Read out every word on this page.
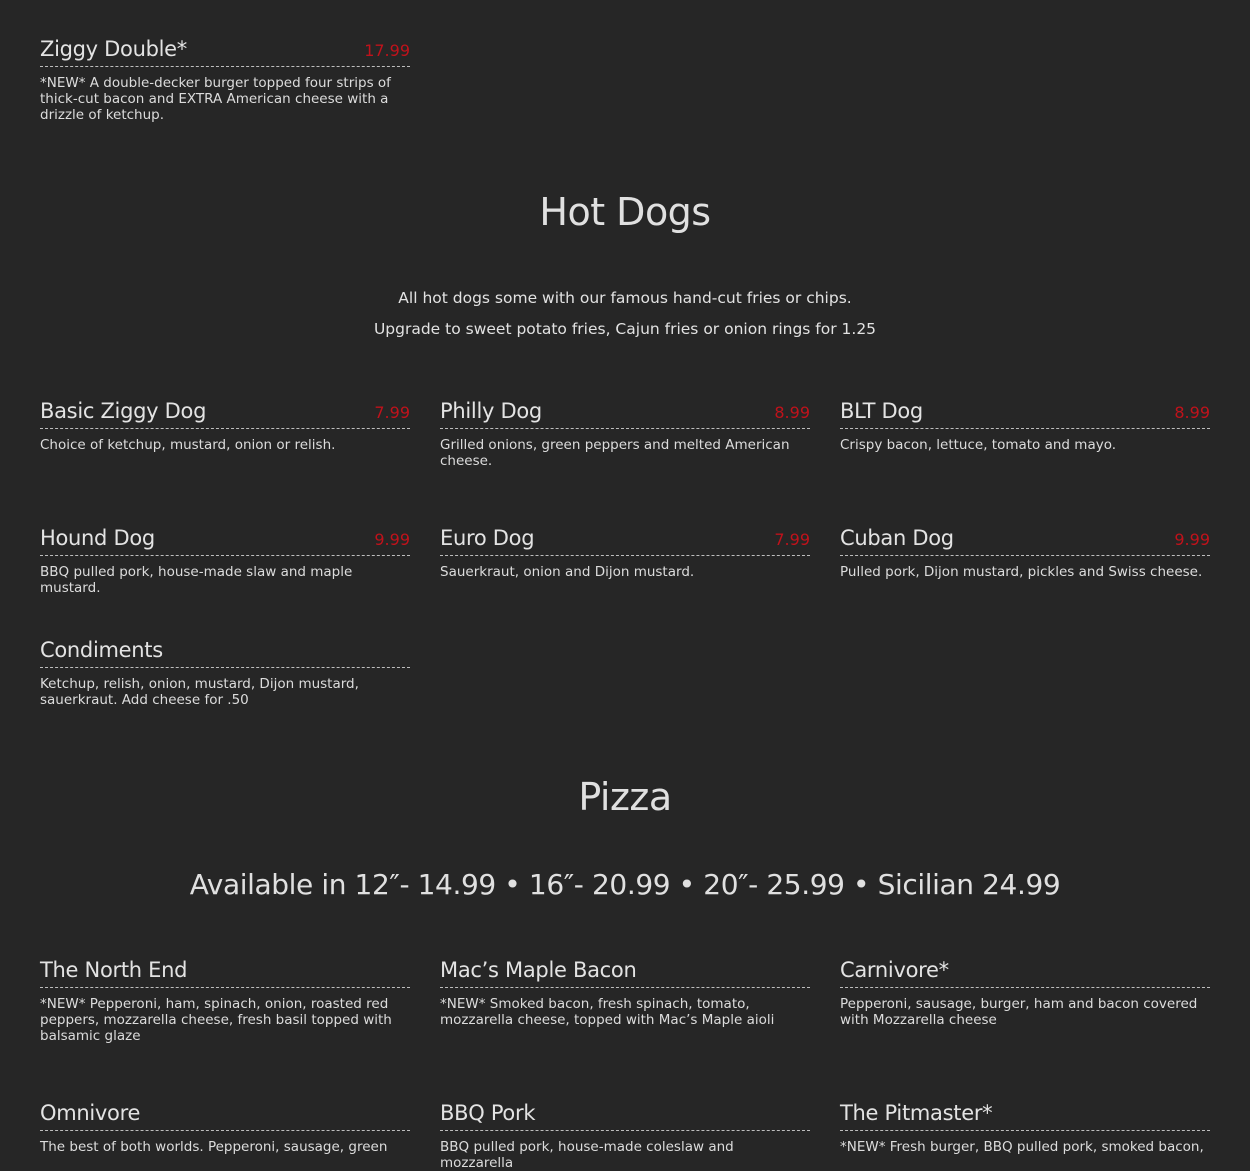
Ziggy Double*	17.99
*NEW* A double-decker burger topped four strips of thick-cut bacon and EXTRA American cheese with a drizzle of ketchup.
Hot Dogs
All hot dogs some with our famous hand-cut fries or chips.
Upgrade to sweet potato fries, Cajun fries or onion rings for 1.25
Basic Ziggy Dog	7.99
Choice of ketchup, mustard, onion or relish.
Philly Dog	8.99
Grilled onions, green peppers and melted American cheese.
BLT Dog	8.99
Crispy bacon, lettuce, tomato and mayo.
Hound Dog	9.99
BBQ pulled pork, house-made slaw and maple mustard.
Euro Dog	7.99
Sauerkraut, onion and Dijon mustard.
Cuban Dog	9.99
Pulled pork, Dijon mustard, pickles and Swiss cheese.
Condiments
Ketchup, relish, onion, mustard, Dijon mustard, sauerkraut. Add cheese for .50
Pizza
Available in 12″- 14.99 • 16″- 20.99 • 20″- 25.99 • Sicilian 24.99
The North End
*NEW* Pepperoni, ham, spinach, onion, roasted red peppers, mozzarella cheese, fresh basil topped with balsamic glaze
Mac’s Maple Bacon
*NEW* Smoked bacon, fresh spinach, tomato, mozzarella cheese, topped with Mac’s Maple aioli
Carnivore*
Pepperoni, sausage, burger, ham and bacon covered with Mozzarella cheese
Omnivore
The best of both worlds. Pepperoni, sausage, green
BBQ Pork
BBQ pulled pork, house-made coleslaw and mozzarella
The Pitmaster*
*NEW* Fresh burger, BBQ pulled pork, smoked bacon,
